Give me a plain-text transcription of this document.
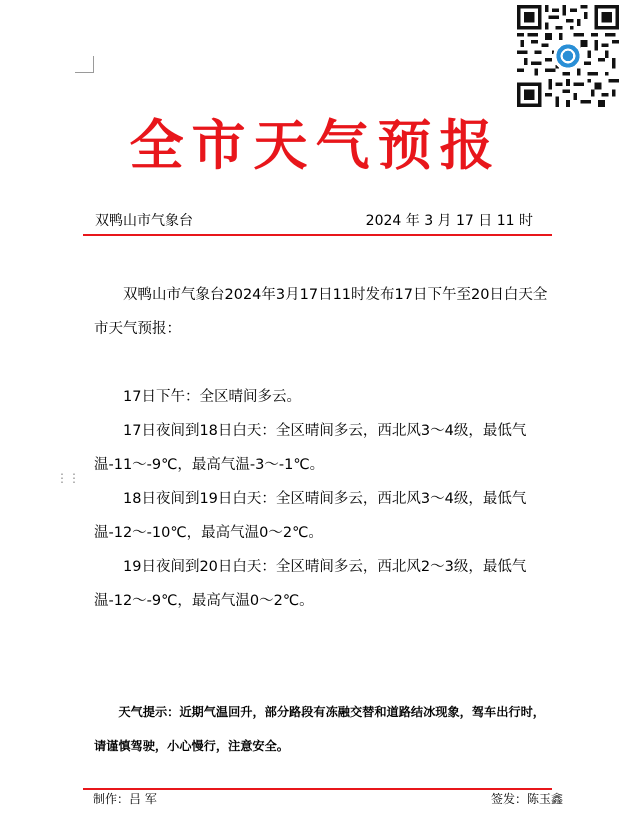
全市天气预报
双鸭山市气象台	2024 年 3 月 17 日 11 时

双鸭山市气象台2024年3月17日11时发布17日下午至20日白天全市天气预报：

17日下午：全区晴间多云。

17日夜间到18日白天：全区晴间多云，西北风3～4级，最低气温-11～-9℃，最高气温-3～-1℃。

18日夜间到19日白天：全区晴间多云，西北风3～4级，最低气温-12～-10℃，最高气温0～2℃。

19日夜间到20日白天：全区晴间多云，西北风2～3级，最低气温-12～-9℃，最高气温0～2℃。

⋮⋮

天气提示：近期气温回升，部分路段有冻融交替和道路结冰现象，驾车出行时，请谨慎驾驶，小心慢行，注意安全。

制作：吕 军	签发：陈玉鑫
